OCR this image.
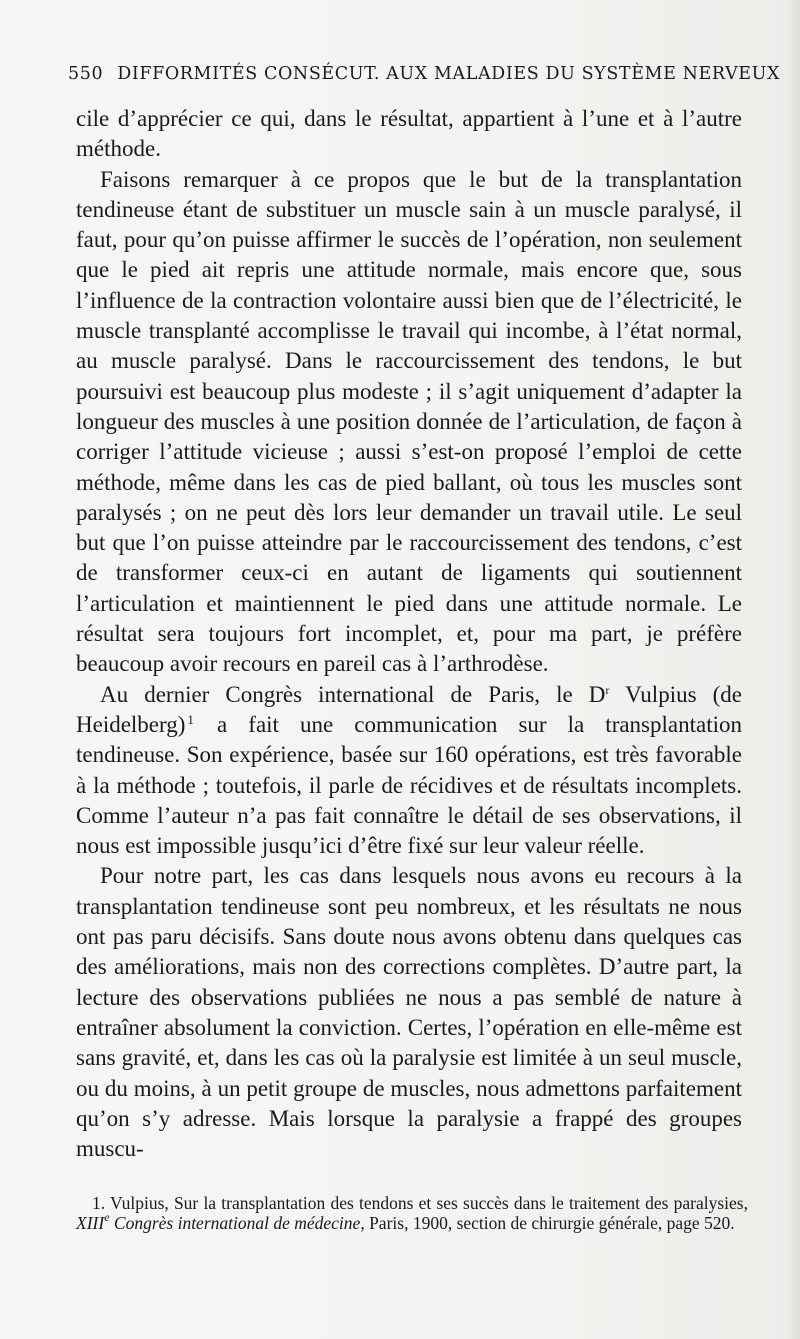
550 DIFFORMITÉS CONSÉCUT. AUX MALADIES DU SYSTÈME NERVEUX

cile d’apprécier ce qui, dans le résultat, appartient à l’une et à l’autre méthode.

Faisons remarquer à ce propos que le but de la transplantation tendineuse étant de substituer un muscle sain à un muscle paralysé, il faut, pour qu’on puisse affirmer le succès de l’opération, non seulement que le pied ait repris une attitude normale, mais encore que, sous l’influence de la contraction volontaire aussi bien que de l’électricité, le muscle transplanté accomplisse le travail qui incombe, à l’état normal, au muscle paralysé. Dans le raccourcissement des tendons, le but poursuivi est beaucoup plus modeste ; il s’agit uniquement d’adapter la longueur des muscles à une position donnée de l’articulation, de façon à corriger l’attitude vicieuse ; aussi s’est-on proposé l’emploi de cette méthode, même dans les cas de pied ballant, où tous les muscles sont paralysés ; on ne peut dès lors leur demander un travail utile. Le seul but que l’on puisse atteindre par le raccourcissement des tendons, c’est de transformer ceux-ci en autant de ligaments qui soutiennent l’articulation et maintiennent le pied dans une attitude normale. Le résultat sera toujours fort incomplet, et, pour ma part, je préfère beaucoup avoir recours en pareil cas à l’arthrodèse.

Au dernier Congrès international de Paris, le $D^r$ Vulpius (de Heidelberg) $^1$ a fait une communication sur la transplantation tendineuse. Son expérience, basée sur 160 opérations, est très favorable à la méthode ; toutefois, il parle de récidives et de résultats incomplets. Comme l’auteur n’a pas fait connaître le détail de ses observations, il nous est impossible jusqu’ici d’être fixé sur leur valeur réelle.

Pour notre part, les cas dans lesquels nous avons eu recours à la transplantation tendineuse sont peu nombreux, et les résultats ne nous ont pas paru décisifs. Sans doute nous avons obtenu dans quelques cas des améliorations, mais non des corrections complètes. D’autre part, la lecture des observations publiées ne nous a pas semblé de nature à entraîner absolument la conviction. Certes, l’opération en elle-même est sans gravité, et, dans les cas où la paralysie est limitée à un seul muscle, ou du moins, à un petit groupe de muscles, nous admettons parfaitement qu’on s’y adresse. Mais lorsque la paralysie a frappé des groupes muscu-

1. Vulpius, Sur la transplantation des tendons et ses succès dans le traitement des paralysies, XIIIe Congrès international de médecine, Paris, 1900, section de chirurgie générale, page 520.
